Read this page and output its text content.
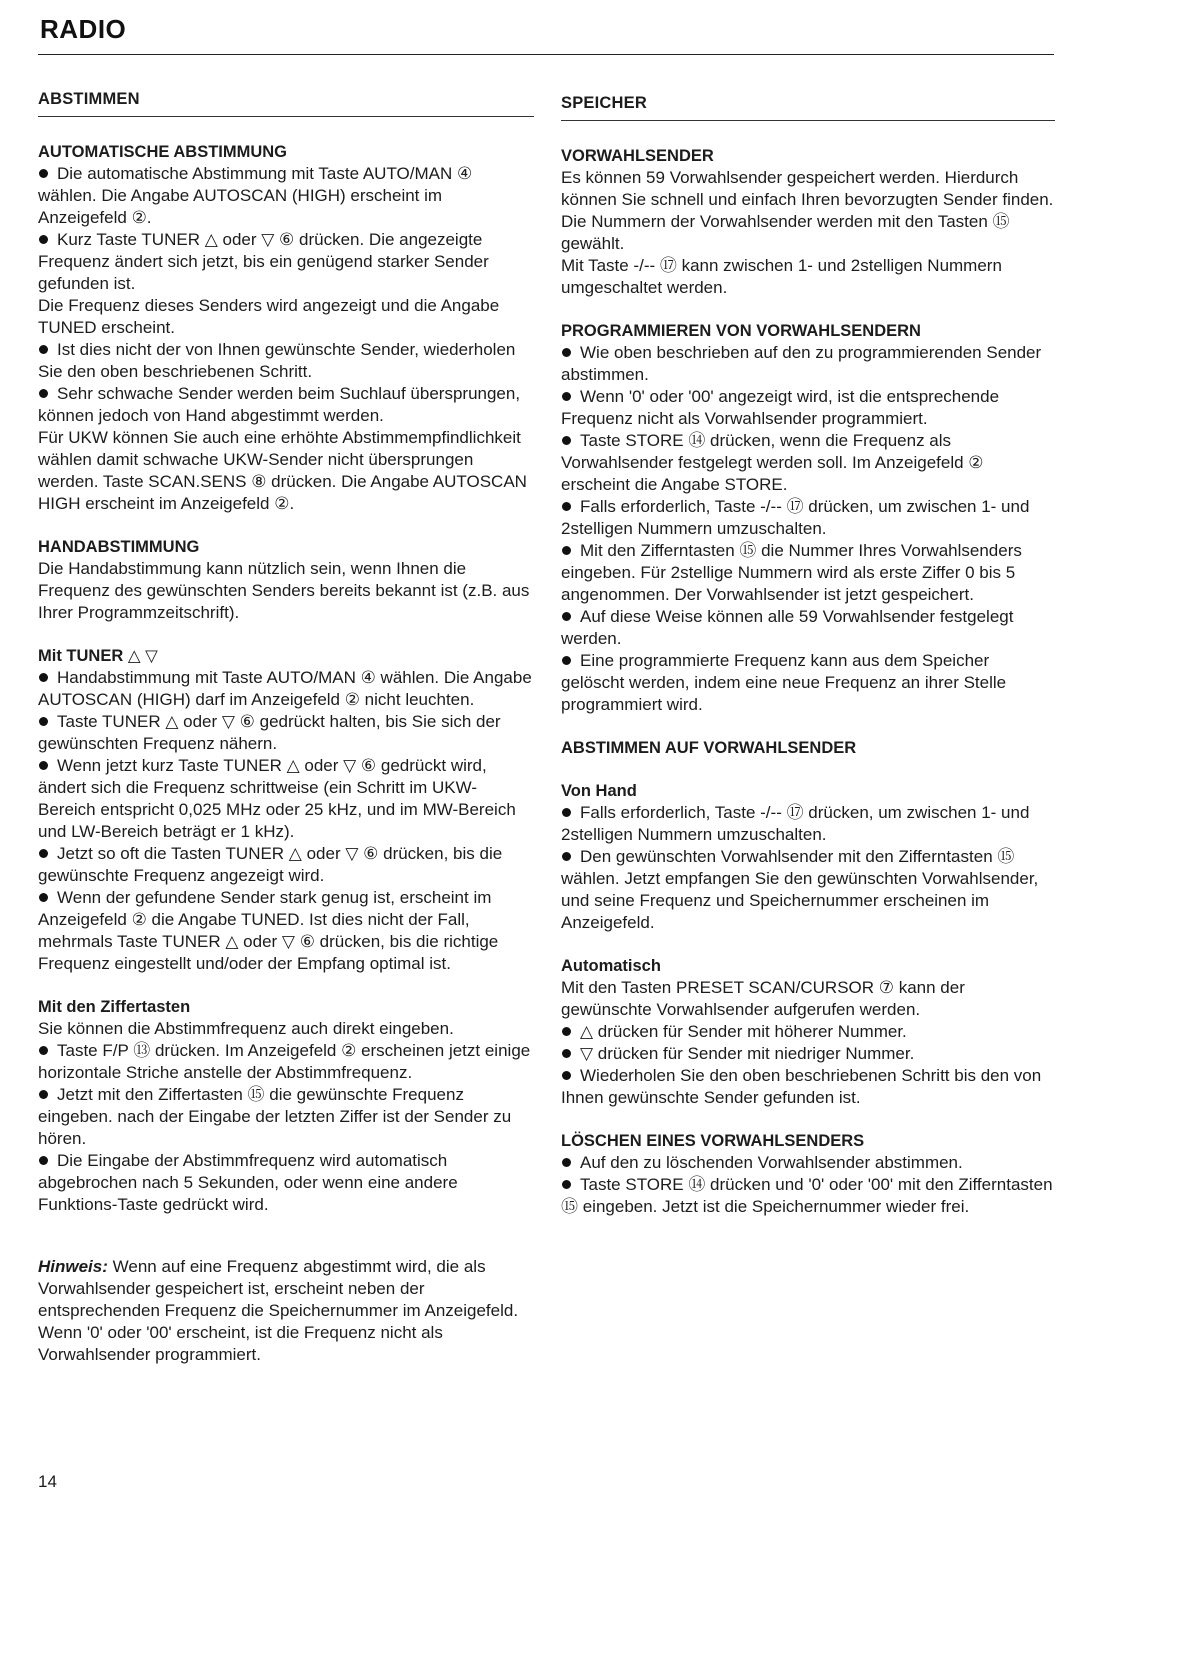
RADIO
ABSTIMMEN
AUTOMATISCHE ABSTIMMUNG

Die automatische Abstimmung mit Taste AUTO/MAN ④ wählen. Die Angabe AUTOSCAN (HIGH) erscheint im Anzeigefeld ②.

Kurz Taste TUNER △ oder ▽ ⑥ drücken. Die angezeigte Frequenz ändert sich jetzt, bis ein genügend starker Sender gefunden ist.

Die Frequenz dieses Senders wird angezeigt und die Angabe TUNED erscheint.

Ist dies nicht der von Ihnen gewünschte Sender, wiederholen Sie den oben beschriebenen Schritt.

Sehr schwache Sender werden beim Suchlauf übersprungen, können jedoch von Hand abgestimmt werden.

Für UKW können Sie auch eine erhöhte Abstimmempfindlichkeit wählen damit schwache UKW-Sender nicht übersprungen werden. Taste SCAN.SENS ⑧ drücken. Die Angabe AUTOSCAN HIGH erscheint im Anzeigefeld ②.

HANDABSTIMMUNG

Die Handabstimmung kann nützlich sein, wenn Ihnen die Frequenz des gewünschten Senders bereits bekannt ist (z.B. aus Ihrer Programmzeitschrift).

Mit TUNER △ ▽

Handabstimmung mit Taste AUTO/MAN ④ wählen. Die Angabe AUTOSCAN (HIGH) darf im Anzeigefeld ② nicht leuchten.

Taste TUNER △ oder ▽ ⑥ gedrückt halten, bis Sie sich der gewünschten Frequenz nähern.

Wenn jetzt kurz Taste TUNER △ oder ▽ ⑥ gedrückt wird, ändert sich die Frequenz schrittweise (ein Schritt im UKW-Bereich entspricht 0,025 MHz oder 25 kHz, und im MW-Bereich und LW-Bereich beträgt er 1 kHz).

Jetzt so oft die Tasten TUNER △ oder ▽ ⑥ drücken, bis die gewünschte Frequenz angezeigt wird.

Wenn der gefundene Sender stark genug ist, erscheint im Anzeigefeld ② die Angabe TUNED. Ist dies nicht der Fall, mehrmals Taste TUNER △ oder ▽ ⑥ drücken, bis die richtige Frequenz eingestellt und/oder der Empfang optimal ist.

Mit den Ziffertasten

Sie können die Abstimmfrequenz auch direkt eingeben.

Taste F/P ⑬ drücken. Im Anzeigefeld ② erscheinen jetzt einige horizontale Striche anstelle der Abstimmfrequenz.

Jetzt mit den Ziffertasten ⑮ die gewünschte Frequenz eingeben. nach der Eingabe der letzten Ziffer ist der Sender zu hören.

Die Eingabe der Abstimmfrequenz wird automatisch abgebrochen nach 5 Sekunden, oder wenn eine andere Funktions-Taste gedrückt wird.

Hinweis: Wenn auf eine Frequenz abgestimmt wird, die als Vorwahlsender gespeichert ist, erscheint neben der entsprechenden Frequenz die Speichernummer im Anzeigefeld. Wenn '0' oder '00' erscheint, ist die Frequenz nicht als Vorwahlsender programmiert.

SPEICHER
VORWAHLSENDER

Es können 59 Vorwahlsender gespeichert werden. Hierdurch können Sie schnell und einfach Ihren bevorzugten Sender finden.

Die Nummern der Vorwahlsender werden mit den Tasten ⑮ gewählt.

Mit Taste -/-- ⑰ kann zwischen 1- und 2stelligen Nummern umgeschaltet werden.

PROGRAMMIEREN VON VORWAHLSENDERN

Wie oben beschrieben auf den zu programmierenden Sender abstimmen.

Wenn '0' oder '00' angezeigt wird, ist die entsprechende Frequenz nicht als Vorwahlsender programmiert.

Taste STORE ⑭ drücken, wenn die Frequenz als Vorwahlsender festgelegt werden soll. Im Anzeigefeld ② erscheint die Angabe STORE.

Falls erforderlich, Taste -/-- ⑰ drücken, um zwischen 1- und 2stelligen Nummern umzuschalten.

Mit den Zifferntasten ⑮ die Nummer Ihres Vorwahlsenders eingeben. Für 2stellige Nummern wird als erste Ziffer 0 bis 5 angenommen. Der Vorwahlsender ist jetzt gespeichert.

Auf diese Weise können alle 59 Vorwahlsender festgelegt werden.

Eine programmierte Frequenz kann aus dem Speicher gelöscht werden, indem eine neue Frequenz an ihrer Stelle programmiert wird.

ABSTIMMEN AUF VORWAHLSENDER
Von Hand

Falls erforderlich, Taste -/-- ⑰ drücken, um zwischen 1- und 2stelligen Nummern umzuschalten.

Den gewünschten Vorwahlsender mit den Zifferntasten ⑮ wählen. Jetzt empfangen Sie den gewünschten Vorwahlsender, und seine Frequenz und Speichernummer erscheinen im Anzeigefeld.

Automatisch

Mit den Tasten PRESET SCAN/CURSOR ⑦ kann der gewünschte Vorwahlsender aufgerufen werden.

△ drücken für Sender mit höherer Nummer.

▽ drücken für Sender mit niedriger Nummer.

Wiederholen Sie den oben beschriebenen Schritt bis den von Ihnen gewünschte Sender gefunden ist.

LÖSCHEN EINES VORWAHLSENDERS

Auf den zu löschenden Vorwahlsender abstimmen.

Taste STORE ⑭ drücken und '0' oder '00' mit den Zifferntasten ⑮ eingeben. Jetzt ist die Speichernummer wieder frei.

14
